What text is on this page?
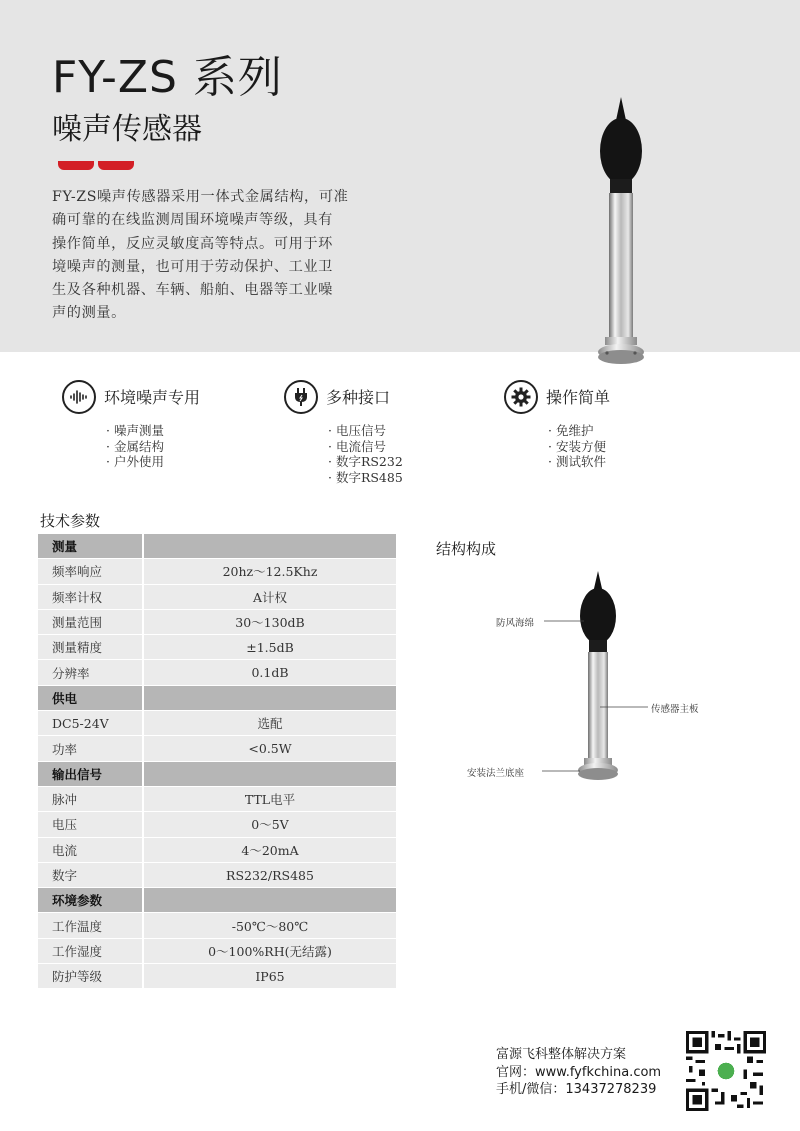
FY-ZS 系列
噪声传感器
FY-ZS噪声传感器采用一体式金属结构，可准
确可靠的在线监测周围环境噪声等级，具有
操作简单，反应灵敏度高等特点。可用于环
境噪声的测量，也可用于劳动保护、工业卫
生及各种机器、车辆、船舶、电器等工业噪
声的测量。
环境噪声专用
· 噪声测量
· 金属结构
· 户外使用
多种接口
· 电压信号
· 电流信号
· 数字RS232
· 数字RS485
操作简单
· 免维护
· 安装方便
· 测试软件
技术参数
测量	
频率响应	20hz～12.5Khz
频率计权	A计权
测量范围	30～130dB
测量精度	±1.5dB
分辨率	0.1dB
供电	
DC5-24V	选配
功率	<0.5W
输出信号	
脉冲	TTL电平
电压	0～5V
电流	4～20mA
数字	RS232/RS485
环境参数	
工作温度	-50℃～80℃
工作湿度	0～100%RH(无结露)
防护等级	IP65
结构构成
防风海绵
传感器主板
安装法兰底座
富源飞科整体解决方案
官网：www.fyfkchina.com
手机/微信：13437278239
